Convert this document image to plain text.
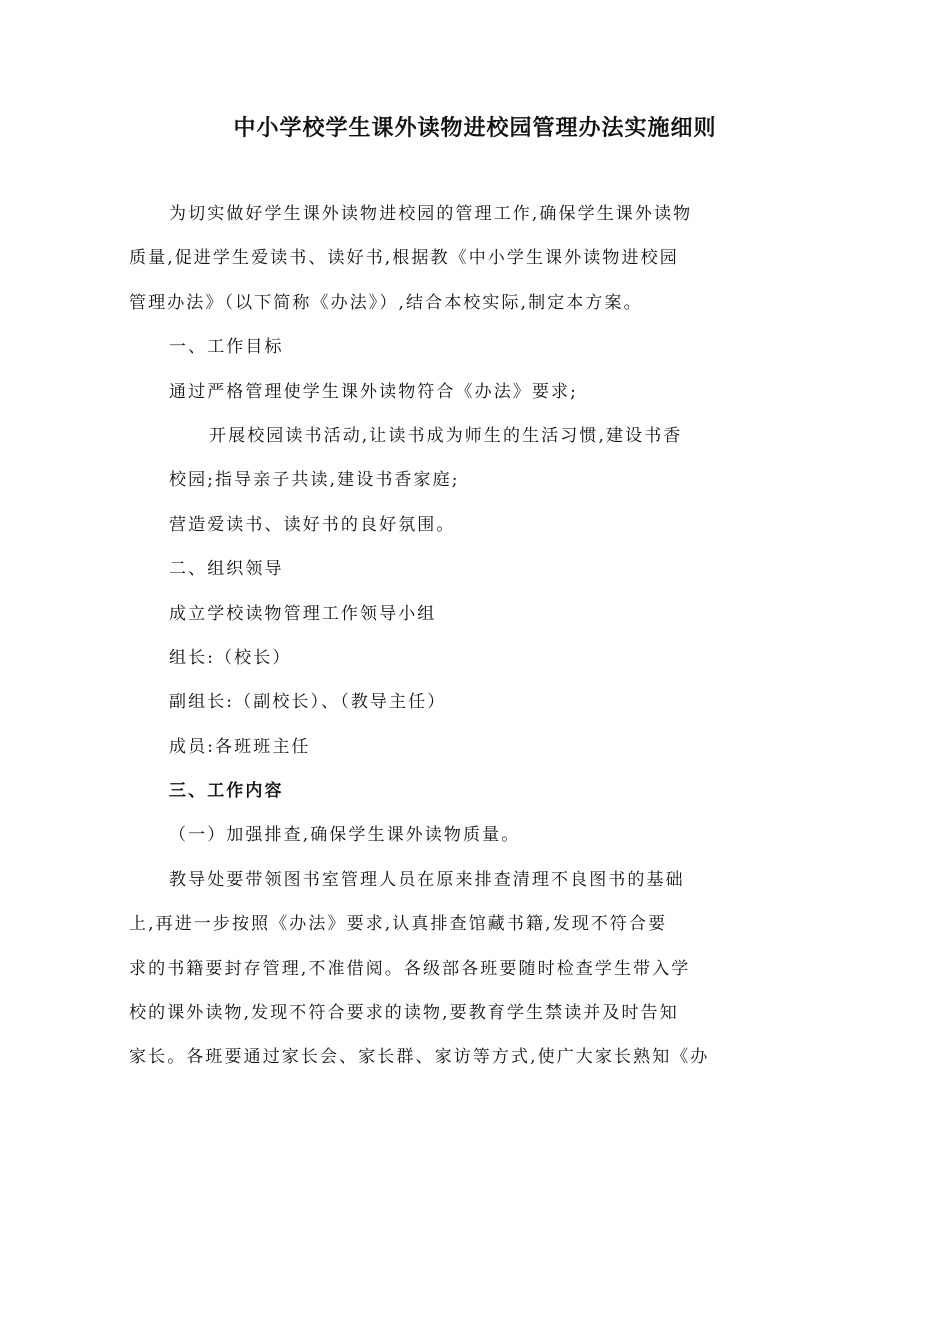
中小学校学生课外读物进校园管理办法实施细则
为切实做好学生课外读物进校园的管理工作,确保学生课外读物
质量,促进学生爱读书、读好书,根据教《中小学生课外读物进校园
管理办法》（以下简称《办法》）,结合本校实际,制定本方案。
一、工作目标
通过严格管理使学生课外读物符合《办法》要求;
开展校园读书活动,让读书成为师生的生活习惯,建设书香
校园;指导亲子共读,建设书香家庭;
营造爱读书、读好书的良好氛围。
二、组织领导
成立学校读物管理工作领导小组
组长:（校长）
副组长:（副校长）、（教导主任）
成员:各班班主任
三、工作内容
（一）加强排查,确保学生课外读物质量。
教导处要带领图书室管理人员在原来排查清理不良图书的基础
上,再进一步按照《办法》要求,认真排查馆藏书籍,发现不符合要
求的书籍要封存管理,不准借阅。各级部各班要随时检查学生带入学
校的课外读物,发现不符合要求的读物,要教育学生禁读并及时告知
家长。各班要通过家长会、家长群、家访等方式,使广大家长熟知《办
